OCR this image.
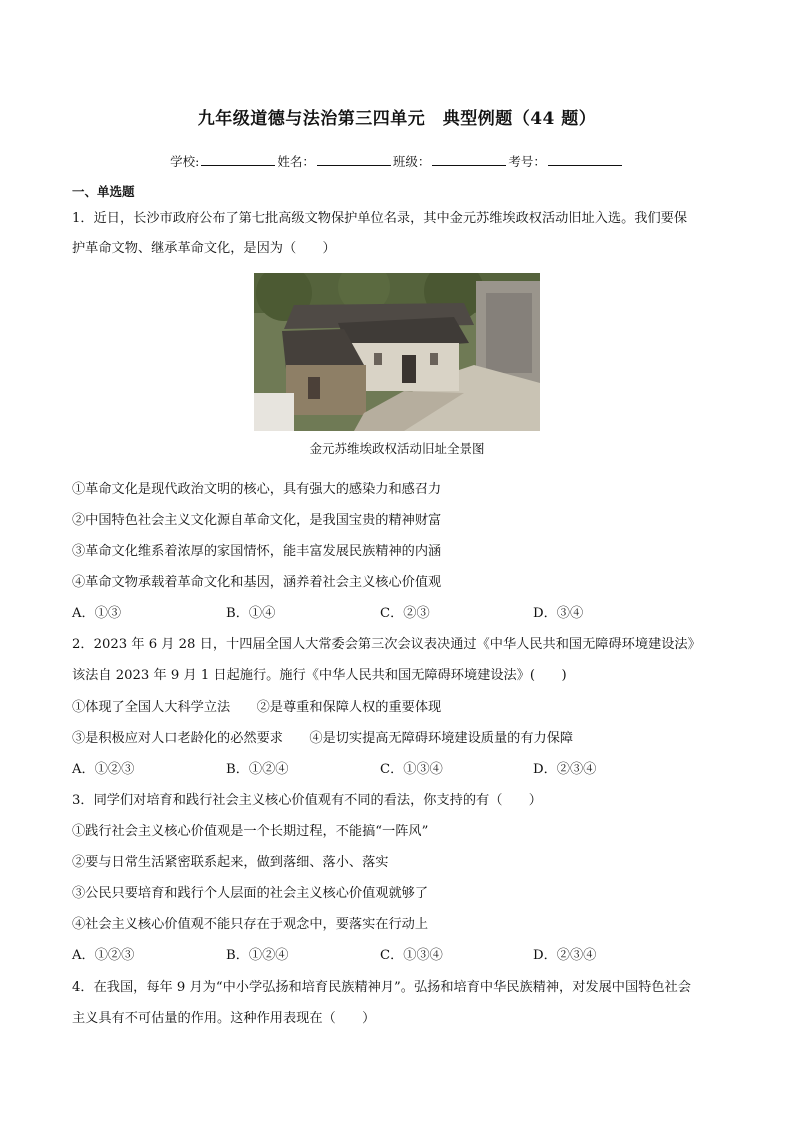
九年级道德与法治第三四单元　典型例题（44 题）
学校:	姓名：	班级：	考号：
一、单选题
1．近日，长沙市政府公布了第七批高级文物保护单位名录，其中金元苏维埃政权活动旧址入选。我们要保
护革命文物、继承革命文化，是因为（　　）
金元苏维埃政权活动旧址全景图
①革命文化是现代政治文明的核心，具有强大的感染力和感召力
②中国特色社会主义文化源自革命文化，是我国宝贵的精神财富
③革命文化维系着浓厚的家国情怀，能丰富发展民族精神的内涵
④革命文物承载着革命文化和基因，涵养着社会主义核心价值观
A．①③	B．①④	C．②③	D．③④
2．2023 年 6 月 28 日，十四届全国人大常委会第三次会议表决通过《中华人民共和国无障碍环境建设法》
该法自 2023 年 9 月 1 日起施行。施行《中华人民共和国无障碍环境建设法》(　　)
①体现了全国人大科学立法　　②是尊重和保障人权的重要体现
③是积极应对人口老龄化的必然要求　　④是切实提高无障碍环境建设质量的有力保障
A．①②③	B．①②④	C．①③④	D．②③④
3．同学们对培育和践行社会主义核心价值观有不同的看法，你支持的有（　　）
①践行社会主义核心价值观是一个长期过程，不能搞“一阵风”
②要与日常生活紧密联系起来，做到落细、落小、落实
③公民只要培育和践行个人层面的社会主义核心价值观就够了
④社会主义核心价值观不能只存在于观念中，要落实在行动上
A．①②③	B．①②④	C．①③④	D．②③④
4．在我国，每年 9 月为“中小学弘扬和培育民族精神月”。弘扬和培育中华民族精神，对发展中国特色社会
主义具有不可估量的作用。这种作用表现在（　　）
